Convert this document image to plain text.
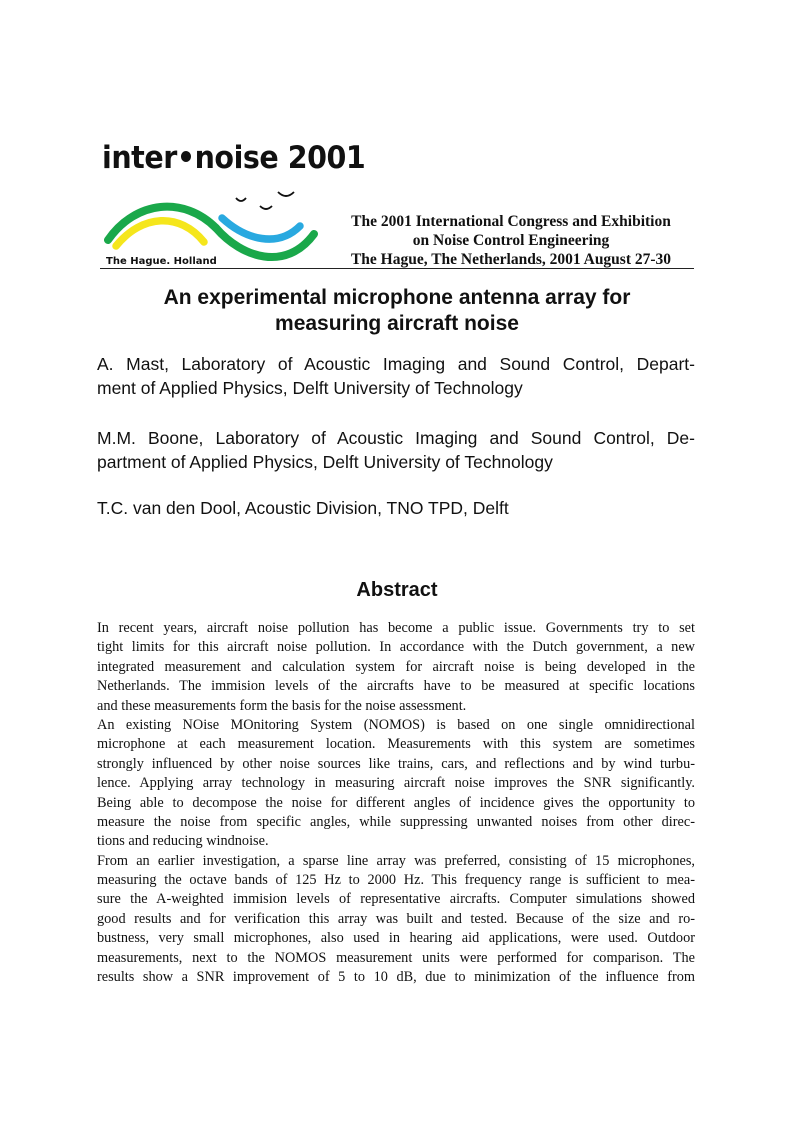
inter•noise 2001
The Hague. Holland
The 2001 International Congress and Exhibition
on Noise Control Engineering
The Hague, The Netherlands, 2001 August 27-30
An experimental microphone antenna array for
measuring aircraft noise
A. Mast, Laboratory of Acoustic Imaging and Sound Control, Depart-
ment of Applied Physics, Delft University of Technology
M.M. Boone, Laboratory of Acoustic Imaging and Sound Control, De-
partment of Applied Physics, Delft University of Technology
T.C. van den Dool, Acoustic Division, TNO TPD, Delft
Abstract
In recent years, aircraft noise pollution has become a public issue. Governments try to set
tight limits for this aircraft noise pollution. In accordance with the Dutch government, a new
integrated measurement and calculation system for aircraft noise is being developed in the
Netherlands. The immision levels of the aircrafts have to be measured at specific locations
and these measurements form the basis for the noise assessment.
An existing NOise MOnitoring System (NOMOS) is based on one single omnidirectional
microphone at each measurement location. Measurements with this system are sometimes
strongly influenced by other noise sources like trains, cars, and reflections and by wind turbu-
lence. Applying array technology in measuring aircraft noise improves the SNR significantly.
Being able to decompose the noise for different angles of incidence gives the opportunity to
measure the noise from specific angles, while suppressing unwanted noises from other direc-
tions and reducing windnoise.
From an earlier investigation, a sparse line array was preferred, consisting of 15 microphones,
measuring the octave bands of 125 Hz to 2000 Hz. This frequency range is sufficient to mea-
sure the A-weighted immision levels of representative aircrafts. Computer simulations showed
good results and for verification this array was built and tested. Because of the size and ro-
bustness, very small microphones, also used in hearing aid applications, were used. Outdoor
measurements, next to the NOMOS measurement units were performed for comparison. The
results show a SNR improvement of 5 to 10 dB, due to minimization of the influence from
